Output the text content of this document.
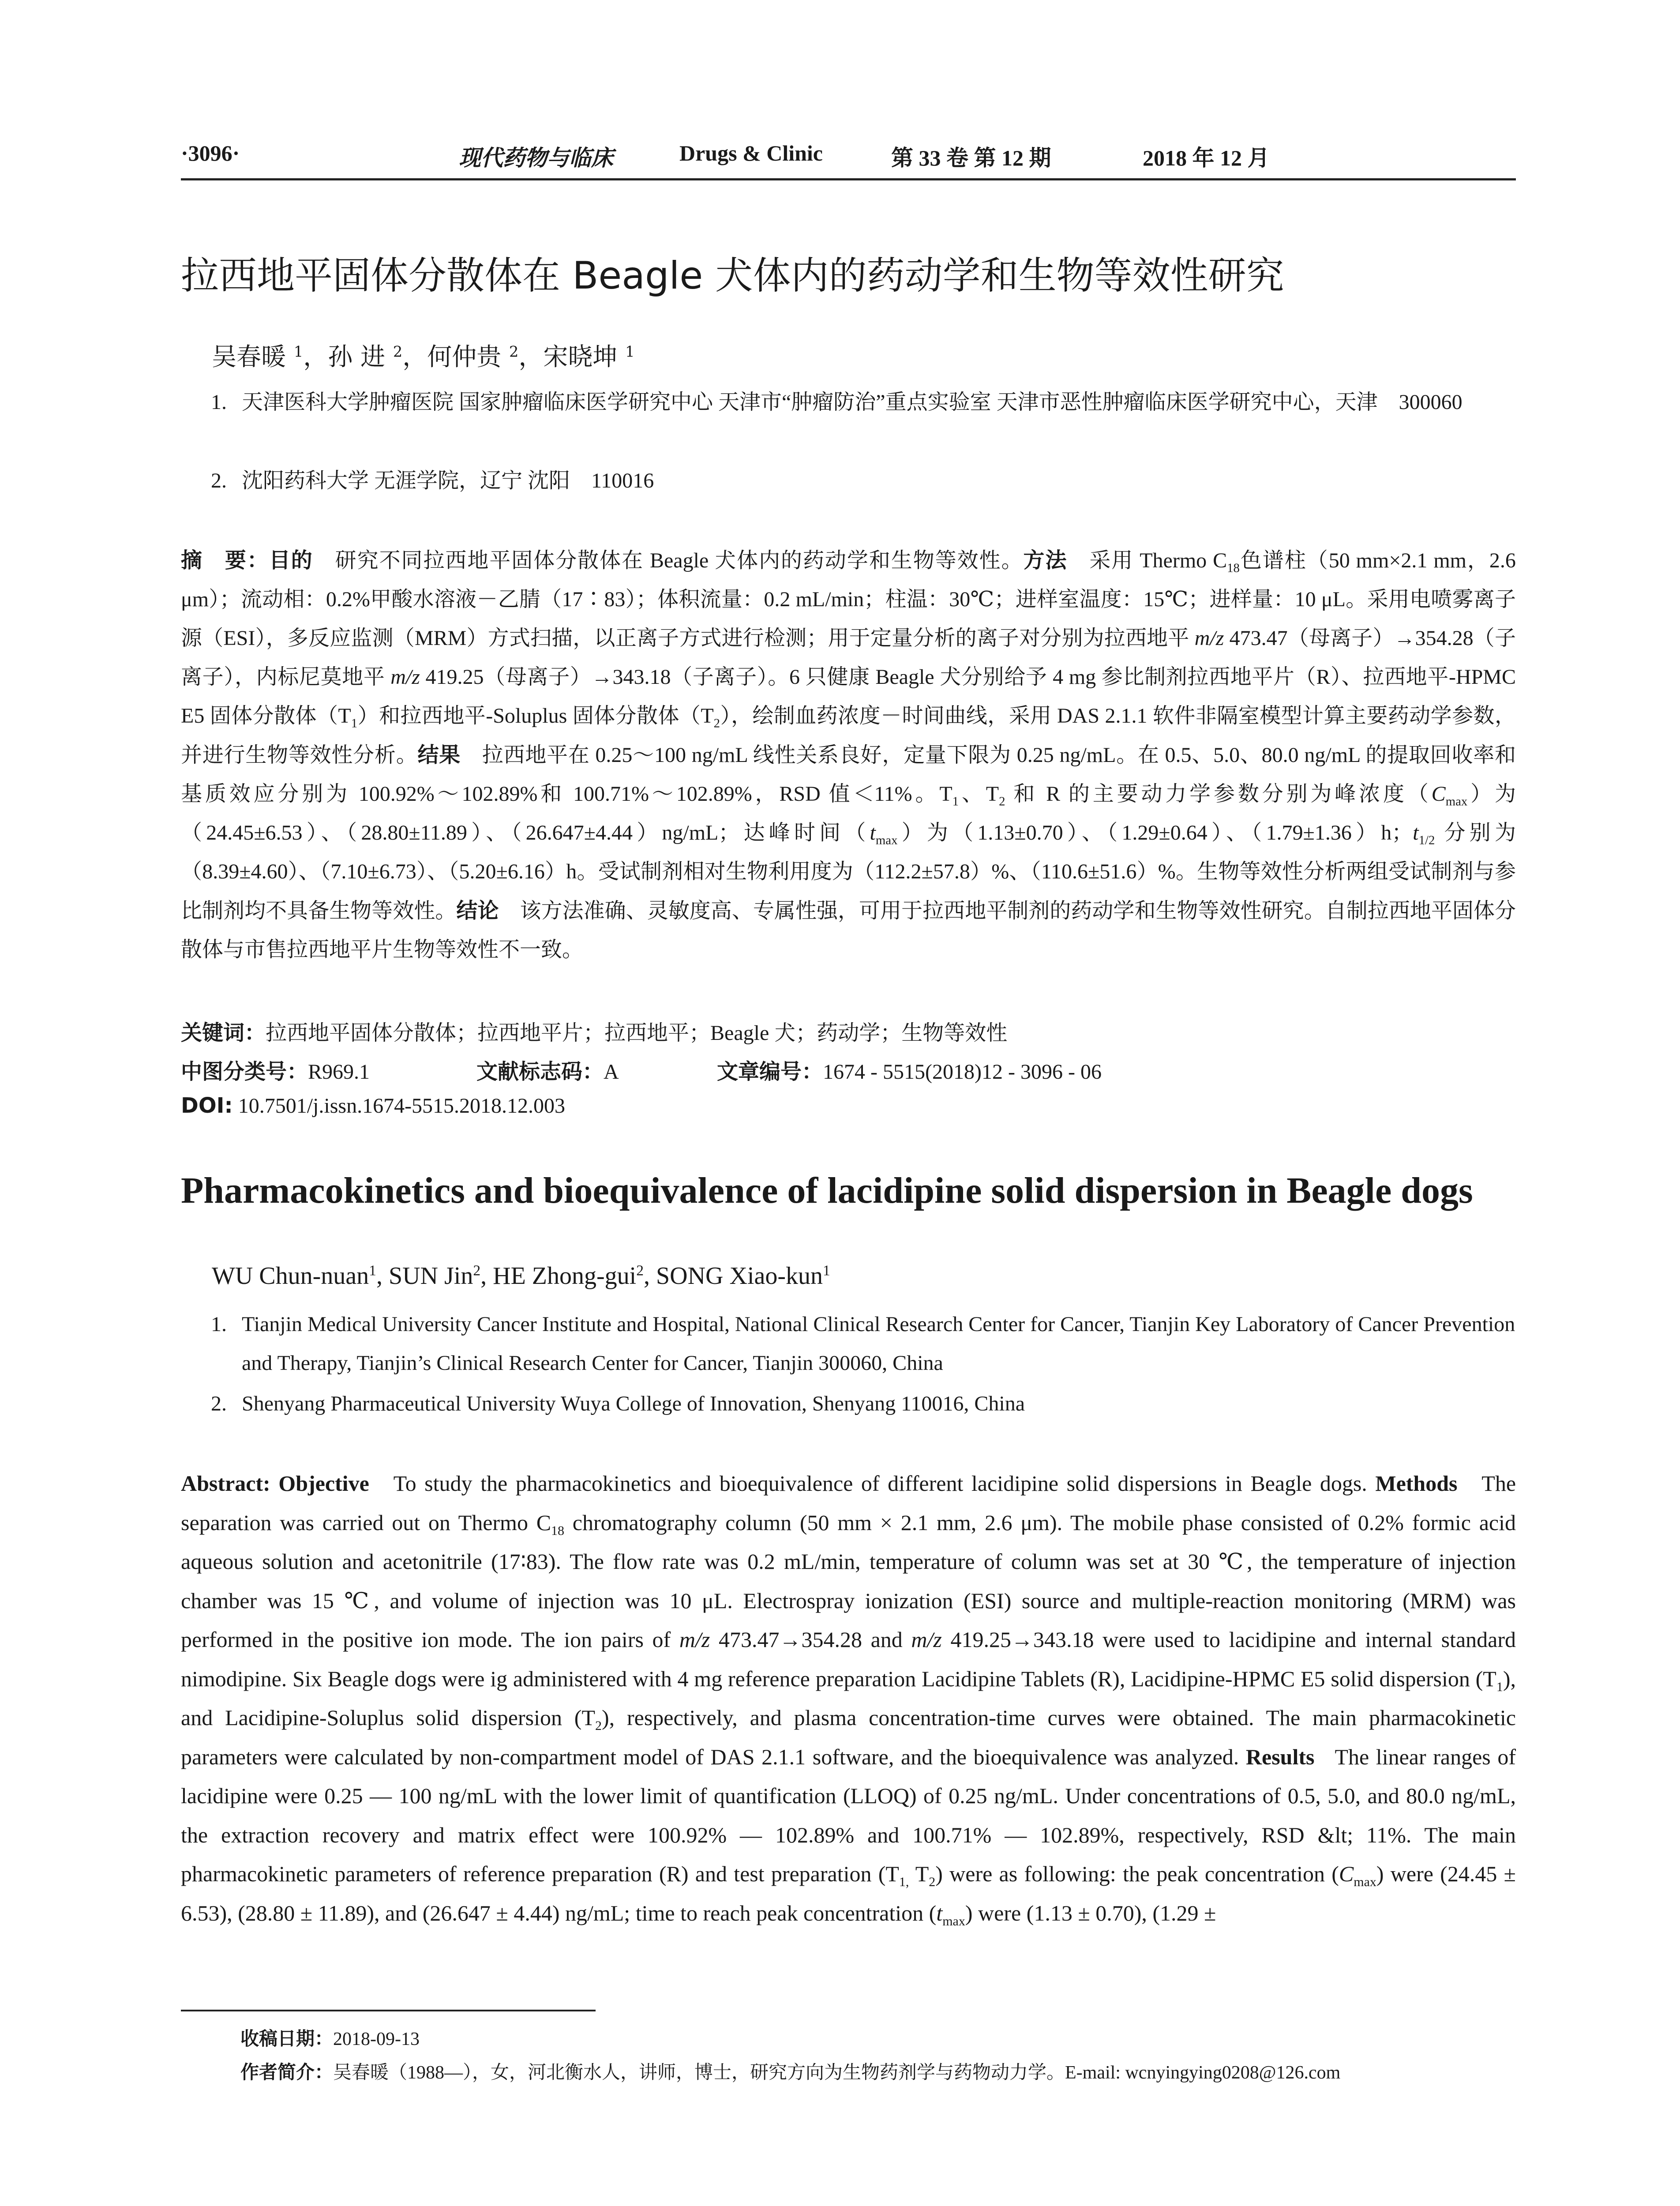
·3096·	现代药物与临床	Drugs & Clinic	第 33 卷 第 12 期	2018 年 12 月
拉西地平固体分散体在 Beagle 犬体内的药动学和生物等效性研究
吴春暖 $^1$，孙 进 $^2$，何仲贵 $^2$，宋晓坤 $^1$
1. 天津医科大学肿瘤医院 国家肿瘤临床医学研究中心 天津市“肿瘤防治”重点实验室 天津市恶性肿瘤临床医学研究中心，天津　300060
2. 沈阳药科大学 无涯学院，辽宁 沈阳　110016
摘　要：目的　 研究不同拉西地平固体分散体在 Beagle 犬体内的药动学和生物等效性。方法　 采用 Thermo $C_{18}$色谱柱（50 mm×2.1 mm，2.6 μm）；流动相：0.2%甲酸水溶液－乙腈（17∶83）；体积流量：0.2 mL/min；柱温：30℃；进样室温度：15℃；进样量：10 μL。采用电喷雾离子源（ESI），多反应监测（MRM）方式扫描，以正离子方式进行检测；用于定量分析的离子对分别为拉西地平 m/z 473.47（母离子）→354.28（子离子），内标尼莫地平 m/z 419.25（母离子）→343.18（子离子）。6 只健康 Beagle 犬分别给予 4 mg 参比制剂拉西地平片（R）、拉西地平-HPMC E5 固体分散体$(T_1)$和拉西地平-Soluplus 固体分散体$(T_2)$，绘制血药浓度－时间曲线，采用 DAS 2.1.1 软件非隔室模型计算主要药动学参数，并进行生物等效性分析。结果　 拉西地平在 0.25～100 ng/mL 线性关系良好，定量下限为 0.25 ng/mL。在 0.5、5.0、80.0 ng/mL 的提取回收率和基质效应分别为 100.92%～102.89%和 100.71%～102.89%，RSD 值＜11%。$T_1$、$T_2$ 和 R 的主要动力学参数分别为峰浓度$(C_{max})$为（24.45±6.53）、（28.80±11.89）、（26.647±4.44）ng/mL；达峰时间$(t_{max})$为（1.13±0.70）、（1.29±0.64）、（1.79±1.36）h；$t_{1/2}$ 分别为（8.39±4.60）、（7.10±6.73）、（5.20±6.16）h。受试制剂相对生物利用度为（112.2±57.8）%、（110.6±51.6）%。生物等效性分析两组受试制剂与参比制剂均不具备生物等效性。结论　 该方法准确、灵敏度高、专属性强，可用于拉西地平制剂的药动学和生物等效性研究。自制拉西地平固体分散体与市售拉西地平片生物等效性不一致。
关键词：拉西地平固体分散体；拉西地平片；拉西地平；Beagle 犬；药动学；生物等效性
中图分类号：R969.1	文献标志码：A	文章编号：1674 - 5515(2018)12 - 3096 - 06
DOI: 10.7501/j.issn.1674-5515.2018.12.003
Pharmacokinetics and bioequivalence of lacidipine solid dispersion in Beagle dogs
WU Chun-nuan$^1$, SUN Jin$^2$, HE Zhong-gui$^2$, SONG Xiao-kun$^1$
1. Tianjin Medical University Cancer Institute and Hospital, National Clinical Research Center for Cancer, Tianjin Key Laboratory of Cancer Prevention and Therapy, Tianjin’s Clinical Research Center for Cancer, Tianjin 300060, China
2. Shenyang Pharmaceutical University Wuya College of Innovation, Shenyang 110016, China
Abstract: Objective To study the pharmacokinetics and bioequivalence of different lacidipine solid dispersions in Beagle dogs. Methods The separation was carried out on Thermo $C_{18}$ chromatography column (50 mm × 2.1 mm, 2.6 μm). The mobile phase consisted of 0.2% formic acid aqueous solution and acetonitrile (17∶83). The flow rate was 0.2 mL/min, temperature of column was set at 30 ℃, the temperature of injection chamber was 15 ℃, and volume of injection was 10 μL. Electrospray ionization (ESI) source and multiple-reaction monitoring (MRM) was performed in the positive ion mode. The ion pairs of m/z 473.47→354.28 and m/z 419.25→343.18 were used to lacidipine and internal standard nimodipine. Six Beagle dogs were ig administered with 4 mg reference preparation Lacidipine Tablets (R), Lacidipine-HPMC E5 solid dispersion $(T_1)$, and Lacidipine-Soluplus solid dispersion $(T_2)$, respectively, and plasma concentration-time curves were obtained. The main pharmacokinetic parameters were calculated by non-compartment model of DAS 2.1.1 software, and the bioequivalence was analyzed. Results The linear ranges of lacidipine were 0.25 — 100 ng/mL with the lower limit of quantification (LLOQ) of 0.25 ng/mL. Under concentrations of 0.5, 5.0, and 80.0 ng/mL, the extraction recovery and matrix effect were 100.92% — 102.89% and 100.71% — 102.89%, respectively, RSD &lt; 11%. The main pharmacokinetic parameters of reference preparation (R) and test preparation ($T_{1,}$ $T_2$) were as following: the peak concentration $(C_{max})$ were (24.45 ± 6.53), (28.80 ± 11.89), and (26.647 ± 4.44) ng/mL; time to reach peak concentration $(t_{max})$ were (1.13 ± 0.70), (1.29 ±
收稿日期：2018-09-13
作者简介：吴春暖（1988—），女，河北衡水人，讲师，博士，研究方向为生物药剂学与药物动力学。E-mail: wcnyingying0208@126.com
